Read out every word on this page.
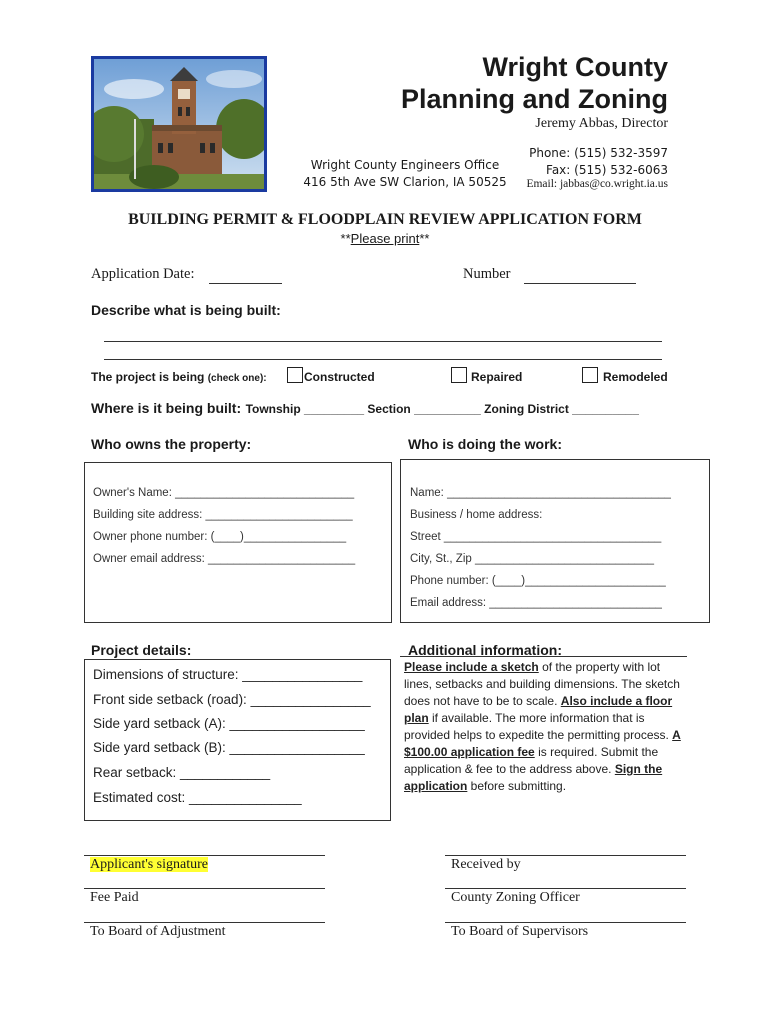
Wright County
Planning and Zoning
Jeremy Abbas, Director
Phone: (515) 532-3597
Fax: (515) 532-6063
Email: jabbas@co.wright.ia.us
Wright County Engineers Office
416 5th Ave SW Clarion, IA 50525
BUILDING PERMIT & FLOODPLAIN REVIEW APPLICATION FORM
**Please print**
Application Date:	Number
Describe what is being built:
The project is being (check one):	Constructed	Repaired	Remodeled
Where is it being built: Township _________ Section __________ Zoning District __________
Who owns the property:	Who is doing the work:
Owner's Name: ____________________________
Building site address: _______________________
Owner phone number: (____)________________
Owner email address: _______________________
Name: ___________________________________
Business / home address:
Street __________________________________
City, St., Zip ____________________________
Phone number: (____)______________________
Email address: ___________________________
Project details:
Dimensions of structure: ________________
Front side setback (road): ________________
Side yard setback (A): __________________
Side yard setback (B): __________________
Rear setback: ____________
Estimated cost: _______________
Additional information:
Please include a sketch of the property with lot lines, setbacks and building dimensions. The sketch does not have to be to scale. Also include a floor plan if available. The more information that is provided helps to expedite the permitting process. A $100.00 application fee is required. Submit the application & fee to the address above. Sign the application before submitting.
Applicant's signature
Fee Paid
To Board of Adjustment
Received by
County Zoning Officer
To Board of Supervisors
